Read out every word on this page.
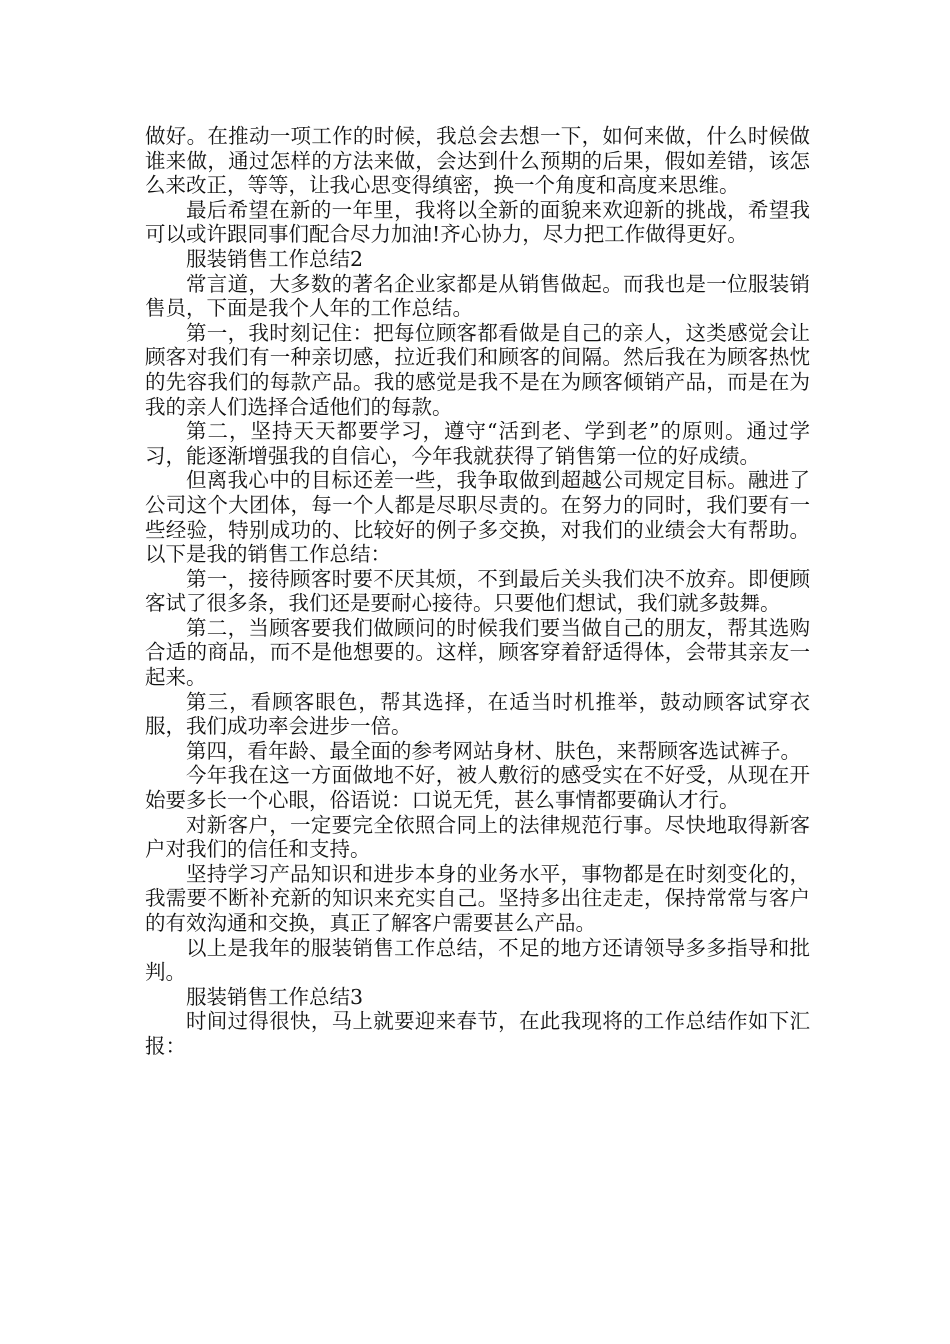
做好。在推动一项工作的时候，我总会去想一下，如何来做，什么时候做谁来做，通过怎样的方法来做，会达到什么预期的后果，假如差错，该怎么来改正，等等，让我心思变得缜密，换一个角度和高度来思维。

最后希望在新的一年里，我将以全新的面貌来欢迎新的挑战，希望我可以或许跟同事们配合尽力加油!齐心协力，尽力把工作做得更好。

服装销售工作总结2

常言道，大多数的著名企业家都是从销售做起。而我也是一位服装销售员，下面是我个人年的工作总结。

第一，我时刻记住：把每位顾客都看做是自己的亲人，这类感觉会让顾客对我们有一种亲切感，拉近我们和顾客的间隔。然后我在为顾客热忱的先容我们的每款产品。我的感觉是我不是在为顾客倾销产品，而是在为我的亲人们选择合适他们的每款。

第二，坚持天天都要学习，遵守“活到老、学到老”的原则。通过学习，能逐渐增强我的自信心，今年我就获得了销售第一位的好成绩。

但离我心中的目标还差一些，我争取做到超越公司规定目标。融进了公司这个大团体，每一个人都是尽职尽责的。在努力的同时，我们要有一些经验，特别成功的、比较好的例子多交换，对我们的业绩会大有帮助。以下是我的销售工作总结：

第一，接待顾客时要不厌其烦，不到最后关头我们决不放弃。即便顾客试了很多条，我们还是要耐心接待。只要他们想试，我们就多鼓舞。

第二，当顾客要我们做顾问的时候我们要当做自己的朋友，帮其选购合适的商品，而不是他想要的。这样，顾客穿着舒适得体，会带其亲友一起来。

第三，看顾客眼色，帮其选择，在适当时机推举，鼓动顾客试穿衣服，我们成功率会进步一倍。

第四，看年龄、最全面的参考网站身材、肤色，来帮顾客选试裤子。

今年我在这一方面做地不好，被人敷衍的感受实在不好受，从现在开始要多长一个心眼，俗语说：口说无凭，甚么事情都要确认才行。

对新客户，一定要完全依照合同上的法律规范行事。尽快地取得新客户对我们的信任和支持。

坚持学习产品知识和进步本身的业务水平，事物都是在时刻变化的，我需要不断补充新的知识来充实自己。坚持多出往走走，保持常常与客户的有效沟通和交换，真正了解客户需要甚么产品。

以上是我年的服装销售工作总结，不足的地方还请领导多多指导和批判。

服装销售工作总结3

时间过得很快，马上就要迎来春节，在此我现将的工作总结作如下汇报：
